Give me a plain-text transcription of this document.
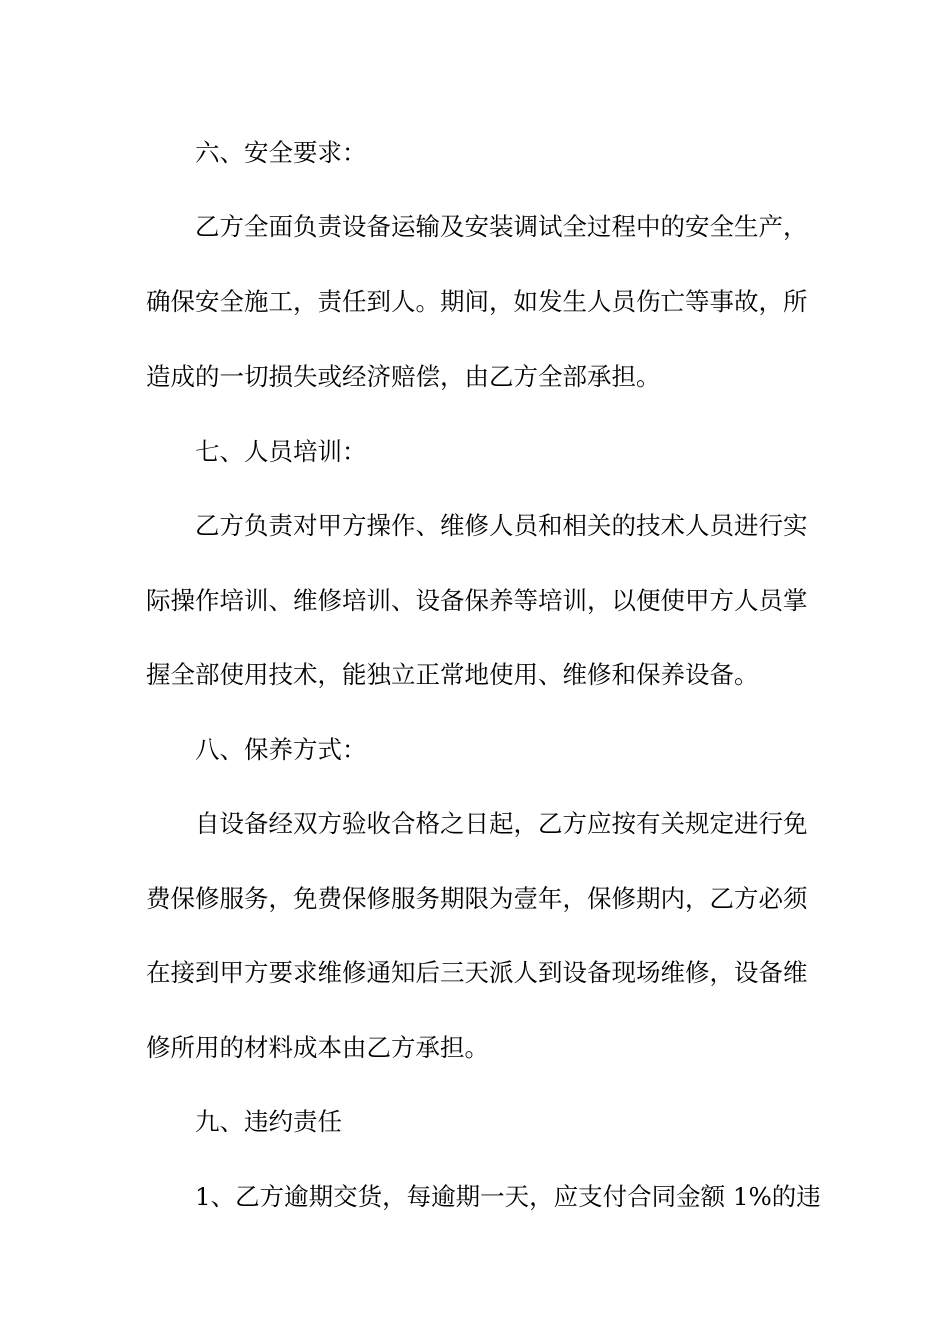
六、安全要求：
乙方全面负责设备运输及安装调试全过程中的安全生产，
确保安全施工，责任到人。期间，如发生人员伤亡等事故，所
造成的一切损失或经济赔偿，由乙方全部承担。
七、人员培训：
乙方负责对甲方操作、维修人员和相关的技术人员进行实
际操作培训、维修培训、设备保养等培训，以便使甲方人员掌
握全部使用技术，能独立正常地使用、维修和保养设备。
八、保养方式：
自设备经双方验收合格之日起，乙方应按有关规定进行免
费保修服务，免费保修服务期限为壹年，保修期内，乙方必须
在接到甲方要求维修通知后三天派人到设备现场维修，设备维
修所用的材料成本由乙方承担。
九、违约责任
1、乙方逾期交货，每逾期一天，应支付合同金额 1%的违
